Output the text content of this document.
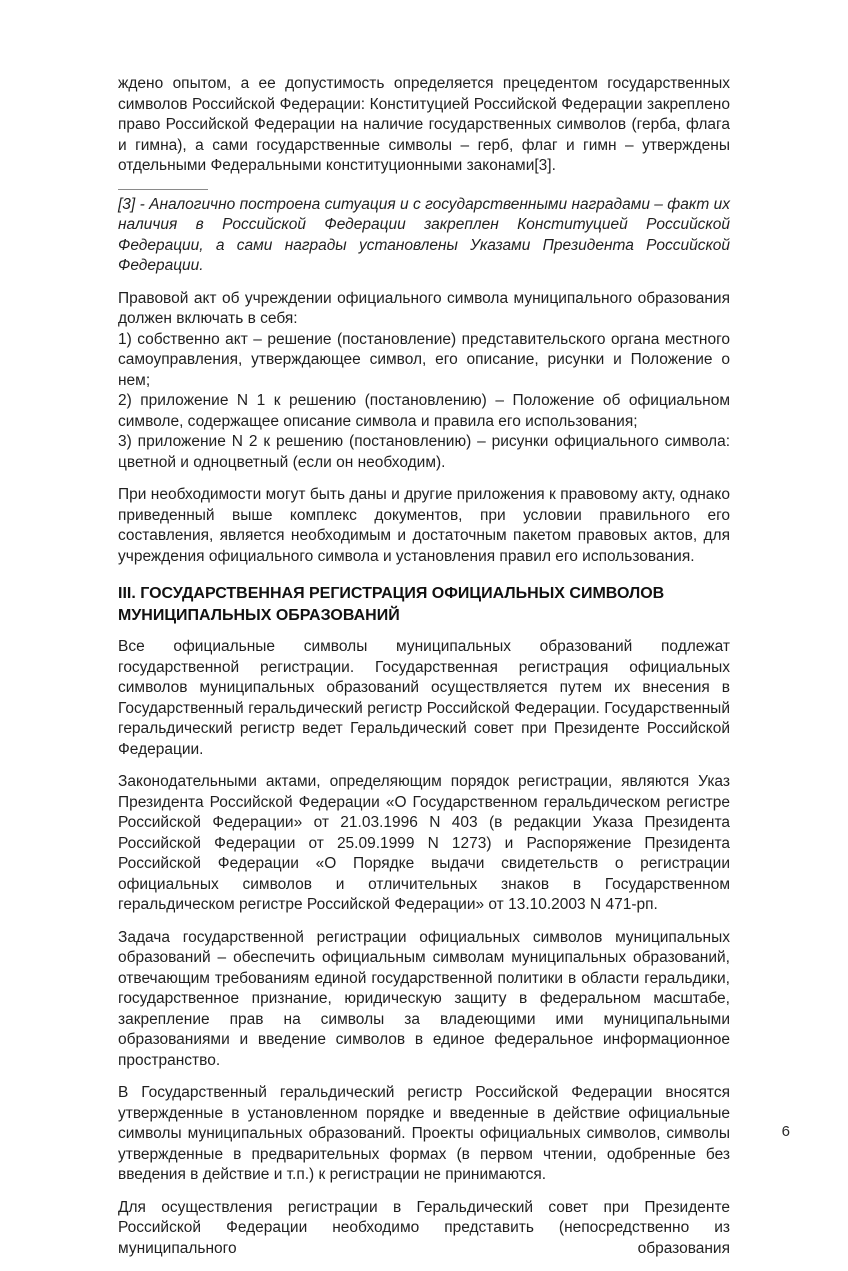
ждено опытом, а ее допустимость определяется прецедентом государственных символов Российской Федерации: Конституцией Российской Федерации закреплено право Российской Федерации на наличие государственных символов (герба, флага и гимна), а сами государственные символы – герб, флаг и гимн – утверждены отдельными Федеральными конституционными законами[3].

[3] - Аналогично построена ситуация и с государственными наградами – факт их наличия в Российской Федерации закреплен Конституцией Российской Федерации, а сами награды установлены Указами Президента Российской Федерации.

Правовой акт об учреждении официального символа муниципального образования должен включать в себя:

1) собственно акт – решение (постановление) представительского органа местного самоуправления, утверждающее символ, его описание, рисунки и Положение о нем;

2) приложение N 1 к решению (постановлению) – Положение об официальном символе, содержащее описание символа и правила его использования;

3) приложение N 2 к решению (постановлению) – рисунки официального символа: цветной и одноцветный (если он необходим).

При необходимости могут быть даны и другие приложения к правовому акту, однако приведенный выше комплекс документов, при условии правильного его составления, является необходимым и достаточным пакетом правовых актов, для учреждения официального символа и установления правил его использования.

III. ГОСУДАРСТВЕННАЯ РЕГИСТРАЦИЯ ОФИЦИАЛЬНЫХ СИМВОЛОВ МУНИЦИПАЛЬНЫХ ОБРАЗОВАНИЙ

Все официальные символы муниципальных образований подлежат государственной регистрации. Государственная регистрация официальных символов муниципальных образований осуществляется путем их внесения в Государственный геральдический регистр Российской Федерации. Государственный геральдический регистр ведет Геральдический совет при Президенте Российской Федерации.

Законодательными актами, определяющим порядок регистрации, являются Указ Президента Российской Федерации «О Государственном геральдическом регистре Российской Федерации» от 21.03.1996 N 403 (в редакции Указа Президента Российской Федерации от 25.09.1999 N 1273) и Распоряжение Президента Российской Федерации «О Порядке выдачи свидетельств о регистрации официальных символов и отличительных знаков в Государственном геральдическом регистре Российской Федерации» от 13.10.2003 N 471-рп.

Задача государственной регистрации официальных символов муниципальных образований – обеспечить официальным символам муниципальных образований, отвечающим требованиям единой государственной политики в области геральдики, государственное признание, юридическую защиту в федеральном масштабе, закрепление прав на символы за владеющими ими муниципальными образованиями и введение символов в единое федеральное информационное пространство.

В Государственный геральдический регистр Российской Федерации вносятся утвержденные в установленном порядке и введенные в действие официальные символы муниципальных образований. Проекты официальных символов, символы утвержденные в предварительных формах (в первом чтении, одобренные без введения в действие и т.п.) к регистрации не принимаются.

Для осуществления регистрации в Геральдический совет при Президенте Российской Федерации необходимо представить (непосредственно из муниципального образования

6
